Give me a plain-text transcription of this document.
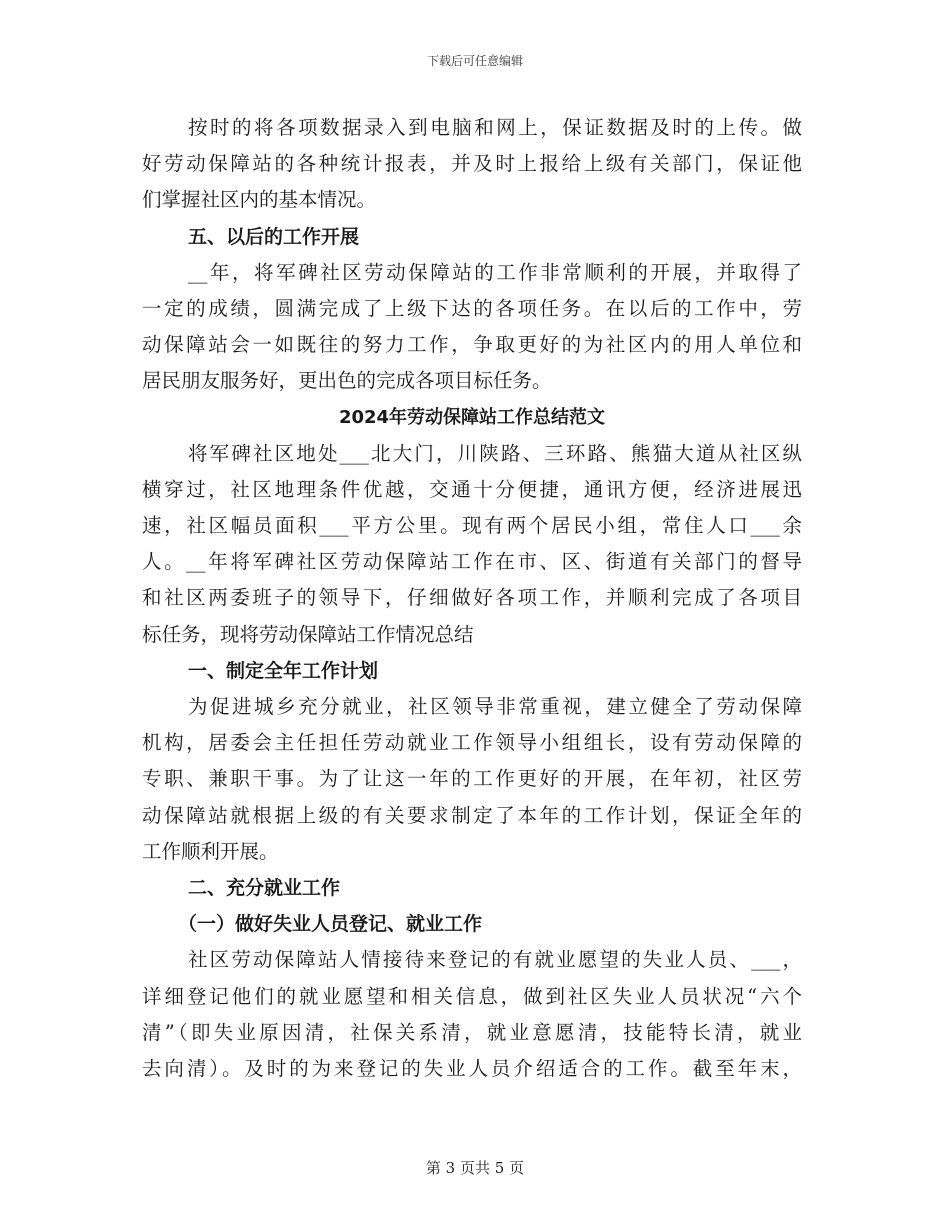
下载后可任意编辑
按时的将各项数据录入到电脑和网上，保证数据及时的上传。做
好劳动保障站的各种统计报表，并及时上报给上级有关部门，保证他
们掌握社区内的基本情况。
五、以后的工作开展
__年，将军碑社区劳动保障站的工作非常顺利的开展，并取得了
一定的成绩，圆满完成了上级下达的各项任务。在以后的工作中，劳
动保障站会一如既往的努力工作，争取更好的为社区内的用人单位和
居民朋友服务好，更出色的完成各项目标任务。
2024年劳动保障站工作总结范文
将军碑社区地处___北大门，川陕路、三环路、熊猫大道从社区纵
横穿过，社区地理条件优越，交通十分便捷，通讯方便，经济进展迅
速，社区幅员面积___平方公里。现有两个居民小组，常住人口___余
人。__年将军碑社区劳动保障站工作在市、区、街道有关部门的督导
和社区两委班子的领导下，仔细做好各项工作，并顺利完成了各项目
标任务，现将劳动保障站工作情况总结
一、制定全年工作计划
为促进城乡充分就业，社区领导非常重视，建立健全了劳动保障
机构，居委会主任担任劳动就业工作领导小组组长，设有劳动保障的
专职、兼职干事。为了让这一年的工作更好的开展，在年初，社区劳
动保障站就根据上级的有关要求制定了本年的工作计划，保证全年的
工作顺利开展。
二、充分就业工作
（一）做好失业人员登记、就业工作
社区劳动保障站人情接待来登记的有就业愿望的失业人员、___，
详细登记他们的就业愿望和相关信息，做到社区失业人员状况“六个
清”（即失业原因清，社保关系清，就业意愿清，技能特长清，就业
去向清）。及时的为来登记的失业人员介绍适合的工作。截至年末，
第 3 页共 5 页
